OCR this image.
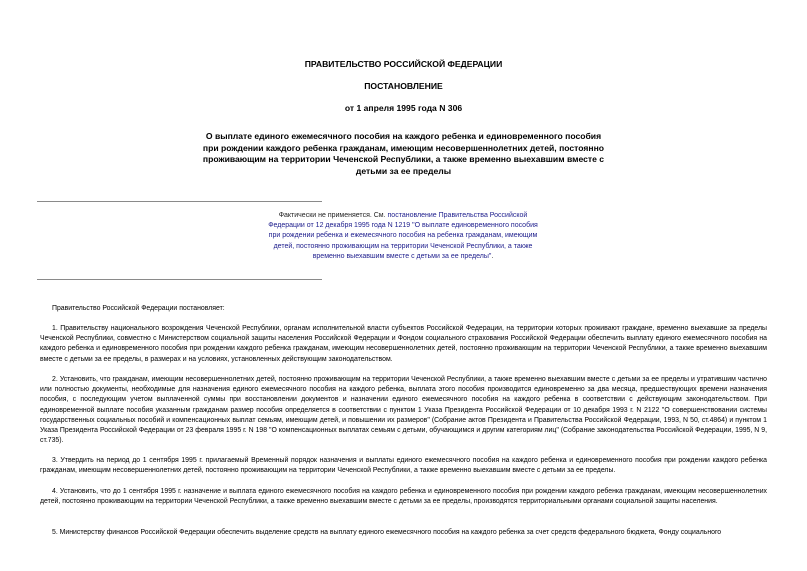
ПРАВИТЕЛЬСТВО РОССИЙСКОЙ ФЕДЕРАЦИИ
ПОСТАНОВЛЕНИЕ
от 1 апреля 1995 года N 306
О выплате единого ежемесячного пособия на каждого ребенка и единовременного пособия при рождении каждого ребенка гражданам, имеющим несовершеннолетних детей, постоянно проживающим на территории Чеченской Республики, а также временно выехавшим вместе с детьми за ее пределы
Фактически не применяется. См. постановление Правительства Российской Федерации от 12 декабря 1995 года N 1219 "О выплате единовременного пособия при рождении ребенка и ежемесячного пособия на ребенка гражданам, имеющим детей, постоянно проживающим на территории Чеченской Республики, а также временно выехавшим вместе с детьми за ее пределы".
Правительство Российской Федерации постановляет:
1. Правительству национального возрождения Чеченской Республики, органам исполнительной власти субъектов Российской Федерации, на территории которых проживают граждане, временно выехавшие за пределы Чеченской Республики, совместно с Министерством социальной защиты населения Российской Федерации и Фондом социального страхования Российской Федерации обеспечить выплату единого ежемесячного пособия на каждого ребенка и единовременного пособия при рождении каждого ребенка гражданам, имеющим несовершеннолетних детей, постоянно проживающим на территории Чеченской Республики, а также временно выехавшим вместе с детьми за ее пределы, в размерах и на условиях, установленных действующим законодательством.
2. Установить, что гражданам, имеющим несовершеннолетних детей, постоянно проживающим на территории Чеченской Республики, а также временно выехавшим вместе с детьми за ее пределы и утратившим частично или полностью документы, необходимые для назначения единого ежемесячного пособия на каждого ребенка, выплата этого пособия производится единовременно за два месяца, предшествующих времени назначения пособия, с последующим учетом выплаченной суммы при восстановлении документов и назначении единого ежемесячного пособия на каждого ребенка в соответствии с действующим законодательством. При единовременной выплате пособия указанным гражданам размер пособия определяется в соответствии с пунктом 1 Указа Президента Российской Федерации от 10 декабря 1993 г. N 2122 "О совершенствовании системы государственных социальных пособий и компенсационных выплат семьям, имеющим детей, и повышении их размеров" (Собрание актов Президента и Правительства Российской Федерации, 1993, N 50, ст.4864) и пунктом 1 Указа Президента Российской Федерации от 23 февраля 1995 г. N 198 "О компенсационных выплатах семьям с детьми, обучающимся и другим категориям лиц" (Собрание законодательства Российской Федерации, 1995, N 9, ст.735).
3. Утвердить на период до 1 сентября 1995 г. прилагаемый Временный порядок назначения и выплаты единого ежемесячного пособия на каждого ребенка и единовременного пособия при рождении каждого ребенка гражданам, имеющим несовершеннолетних детей, постоянно проживающим на территории Чеченской Республики, а также временно выехавшим вместе с детьми за ее пределы.
4. Установить, что до 1 сентября 1995 г. назначение и выплата единого ежемесячного пособия на каждого ребенка и единовременного пособия при рождении каждого ребенка гражданам, имеющим несовершеннолетних детей, постоянно проживающим на территории Чеченской Республики, а также временно выехавшим вместе с детьми за ее пределы, производятся территориальными органами социальной защиты населения.
5. Министерству финансов Российской Федерации обеспечить выделение средств на выплату единого ежемесячного пособия на каждого ребенка за счет средств федерального бюджета, Фонду социального
